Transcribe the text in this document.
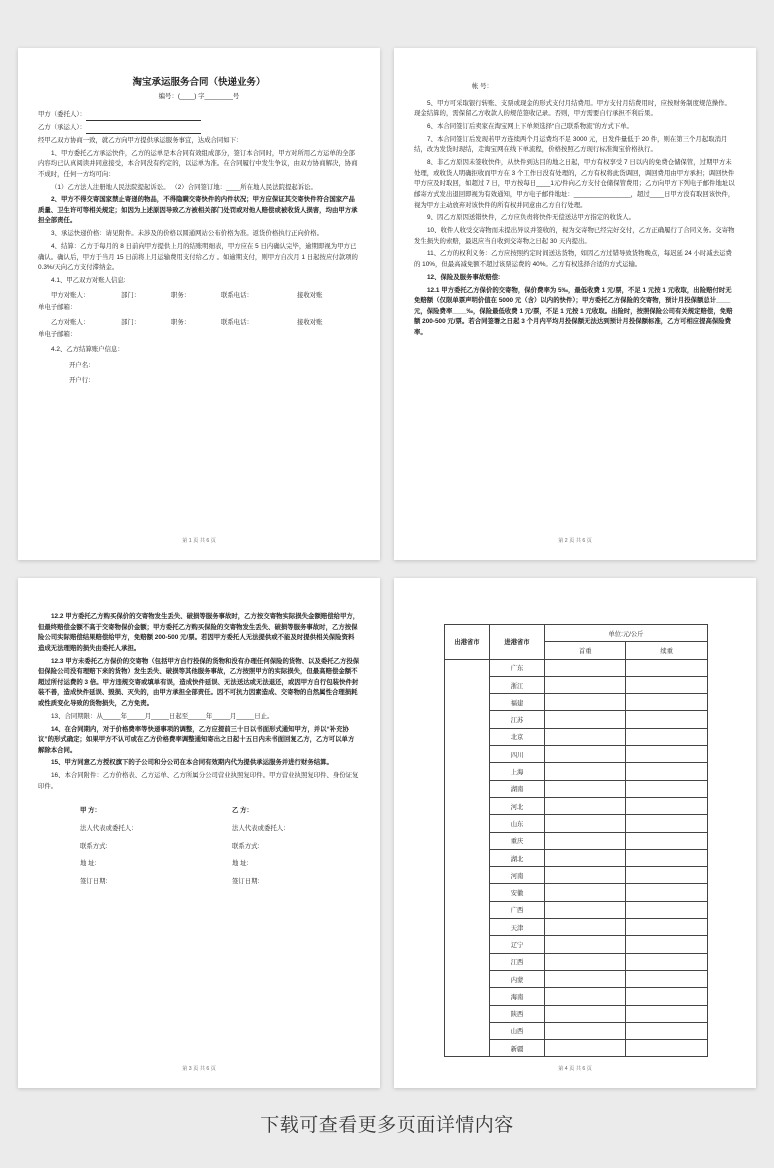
淘宝承运服务合同（快递业务）
编号：(____) 字________号
甲方（委托人）：
乙方（承运人）：
经甲乙双方协商一致，就乙方向甲方提供承运服务事宜，达成合同如下：
1、甲方委托乙方承运快件，乙方的运单是本合同有效组成部分，签订本合同时，甲方对所用乙方运单的全部内容均已认真阅读并同意接受，本合同没有约定的，以运单为准。在合同履行中发生争议，由双方协商解决，协商不成时，任何一方均可向：
（1）乙方法人注册地人民法院提起诉讼。 （2）合同签订地：____所在地人民法院提起诉讼。
2、甲方不得交寄国家禁止寄递的物品，不得隐瞒交寄快件的内件状况；甲方应保证其交寄快件符合国家产品质量、卫生许可等相关规定；如因为上述原因导致乙方被相关部门处罚或对他人赔偿或被收货人损害，均由甲方承担全部责任。
3、承运快递价格：请见附件。未涉及的价格以圆通网站公布价格为准。返货价格执行正向价格。
4、结算：乙方于每月的 8 日前向甲方提供上月的结账明细表，甲方应在 5 日内确认完毕，逾期即视为甲方已确认。确认后，甲方于当月 15 日前将上月运输费用支付给乙方 。如逾期支付，则甲方自次月 1 日起按应付款项的 0.3%/天向乙方支付滞纳金。
4.1、甲乙双方对账人信息:
甲方对账人：	部门：	职务：	联系电话：	接收对账
单电子邮箱：
乙方对账人：	部门：	职务：	联系电话：	接收对账
单电子邮箱：
4.2、乙方结算账户信息：
开户名：
开户行：
第 1 页 共 6 页
帐 号：
5、甲方可采取银行转账、支票或现金的形式支付月结费用。甲方支付月结费用时，应按财务制度规范操作。现金结算的，需保留乙方收款人的规范签收记录。否则，甲方需要自行承担不利后果。
6、本合同签订后卖家在淘宝网上下单须选择“自己联系物流”的方式下单。
7、本合同签订后发现若甲方连续两个月运费均不足 3000 元，日发件量低于 20 件，则在第三个月起取消月结，改为发货时现结，走淘宝网在线下单流程，价格按照乙方现行标准淘宝价格执行。
8、非乙方原因未签收快件，从快件到达目的地之日起，甲方有权享受 7 日以内的免费仓储保管，过期甲方未处理，或收货人明确拒收而甲方在 3 个工作日没有处理的，乙方有权将此货调回，调回费用由甲方承担；调回快件甲方应及时取回，如超过 7 日，甲方按每日____1元/件向乙方支付仓储保管费用；乙方向甲方下列电子邮件地址以邮寄方式发出退回即视为有效通知，甲方电子邮件地址：________________，超过____日甲方没有取回该快件，视为甲方主动放弃对该快件的所有权并同意由乙方自行处理。
9、因乙方原因送错快件，乙方应负责将快件无偿送达甲方指定的收货人。
10、收件人收受交寄物而未提出异议并签收的，视为交寄物已经完好交付，乙方正确履行了合同义务。交寄物发生损失的索赔，最迟应当自收到交寄物之日起 30 天内提出。
11、乙方的权利义务：乙方应按照约定时间送达货物，如因乙方过错导致货物晚点，每迟延 24 小时减去运费的 10%，但最高减免额不超过该票运费的 40%。乙方有权选择合适的方式运输。
12、保险及服务事故赔偿:
12.1 甲方委托乙方保价的交寄物，保价费率为 5‰，最低收费 1 元/票，不足 1 元按 1 元收取，出险赔付时无免赔额（仅限单票声明价值在 5000 元（含）以内的快件）；甲方委托乙方保险的交寄物，预计月投保额总计____元，保险费率____‰，保险最低收费 1 元/票，不足 1 元按 1 元收取。出险时，按照保险公司有关规定赔偿，免赔额 200-500 元/票。若合同签署之日起 3 个月内平均月投保额无法达到预计月投保额标准，乙方可相应提高保险费率。
第 2 页 共 6 页
12.2 甲方委托乙方购买保价的交寄物发生丢失、破损等服务事故时，乙方按交寄物实际损失金额赔偿给甲方，但最终赔偿金额不高于交寄物保价金额；甲方委托乙方购买保险的交寄物发生丢失、破损等服务事故时，乙方按保险公司实际赔偿结果赔偿给甲方，免赔额 200-500 元/票。若因甲方委托人无法提供或不能及时提供相关保险资料造成无法理赔的损失由委托人承担。
12.3 甲方未委托乙方保价的交寄物（包括甲方自行投保的货物和没有办理任何保险的货物、以及委托乙方投保但保险公司没有理赔下来的货物）发生丢失、破损等其他服务事故，乙方按照甲方的实际损失，但最高赔偿金额不超过所付运费的 3 倍。甲方违规交寄或填单有误，造成快件延误、无法送达或无法退还，或因甲方自行包装快件封装不善，造成快件延误、毁损、灭失的，由甲方承担全部责任。因不可抗力因素造成、交寄物的自然属性合理损耗或性质变化导致的货物损失，乙方免责。
13、合同期限：从_____年_____月_____日起至_____年_____月_____日止。
14、在合同期内，对于价格费率等快递事项的调整，乙方应提前三十日以书面形式通知甲方，并以“补充协议”的形式确定；如果甲方不认可或在乙方价格费率调整通知寄出之日起十五日内未书面回复乙方，乙方可以单方解除本合同。
15、甲方同意乙方授权旗下的子公司和分公司在本合同有效期内代为提供承运服务并进行财务结算。
16、本合同附件：乙方价格表、乙方运单、乙方所属分公司营业执照复印件。甲方营业执照复印件、身份证复印件。
甲 方：	乙 方：
法人代表或委托人：	法人代表或委托人：
联系方式:	联系方式:
地 址:	地 址:
签订日期:	签订日期:
第 3 页 共 6 页
出港省市	进港省市	单位:元/公斤	
		首重	续重
	广东		
	浙江		
	福建		
	江苏		
	北京		
	四川		
	上海		
	湖南		
	河北		
	山东		
	重庆		
	湖北		
	河南		
	安徽		
	广西		
	天津		
	辽宁		
	江西		
	内蒙		
	海南		
	陕西		
	山西		
	新疆		
第 4 页 共 6 页
下载可查看更多页面详情内容
